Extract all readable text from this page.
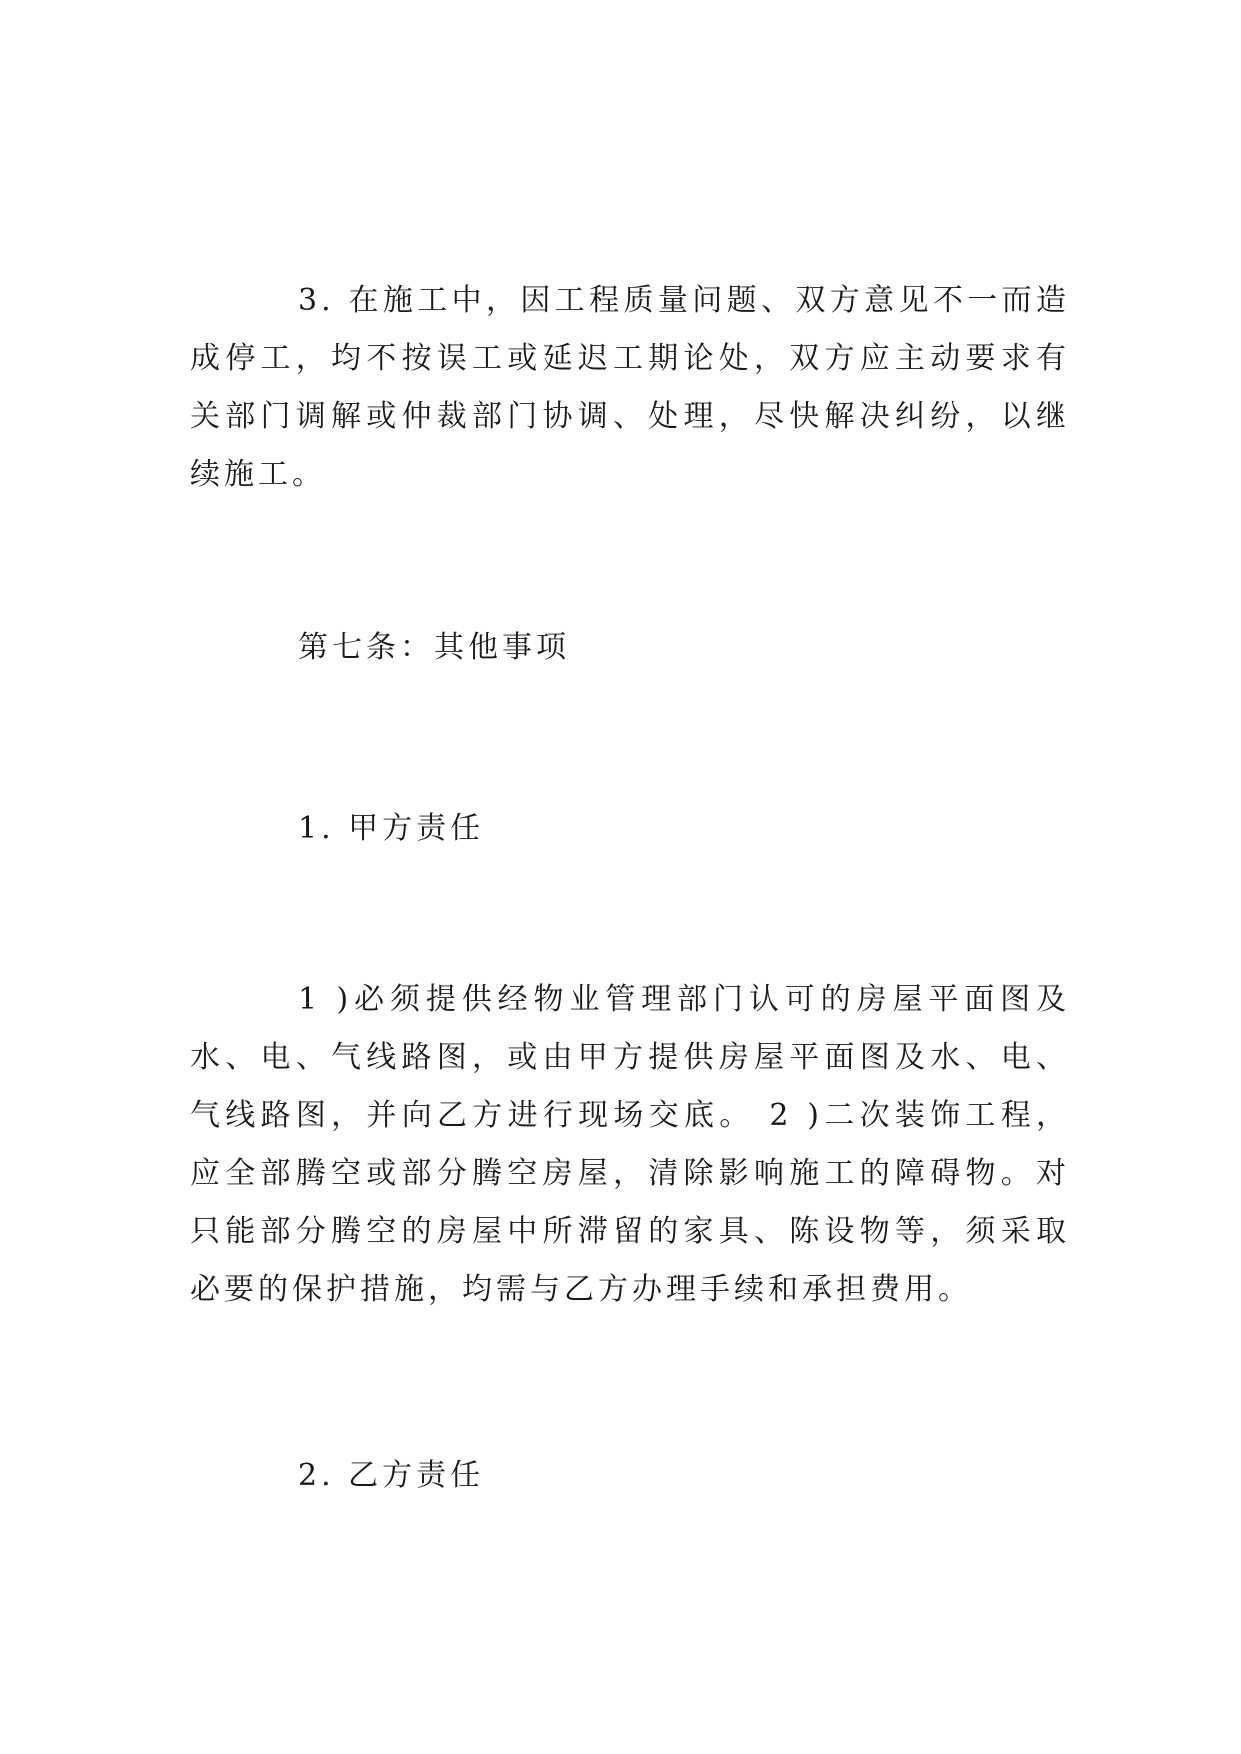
3. 在施工中，因工程质量问题、双方意见不一而造成停工，均不按误工或延迟工期论处，双方应主动要求有关部门调解或仲裁部门协调、处理，尽快解决纠纷，以继续施工。

第七条：其他事项

1. 甲方责任

1 )必须提供经物业管理部门认可的房屋平面图及水、电、气线路图，或由甲方提供房屋平面图及水、电、气线路图，并向乙方进行现场交底。 2 )二次装饰工程，应全部腾空或部分腾空房屋，清除影响施工的障碍物。对只能部分腾空的房屋中所滞留的家具、陈设物等，须采取必要的保护措施，均需与乙方办理手续和承担费用。

2. 乙方责任
